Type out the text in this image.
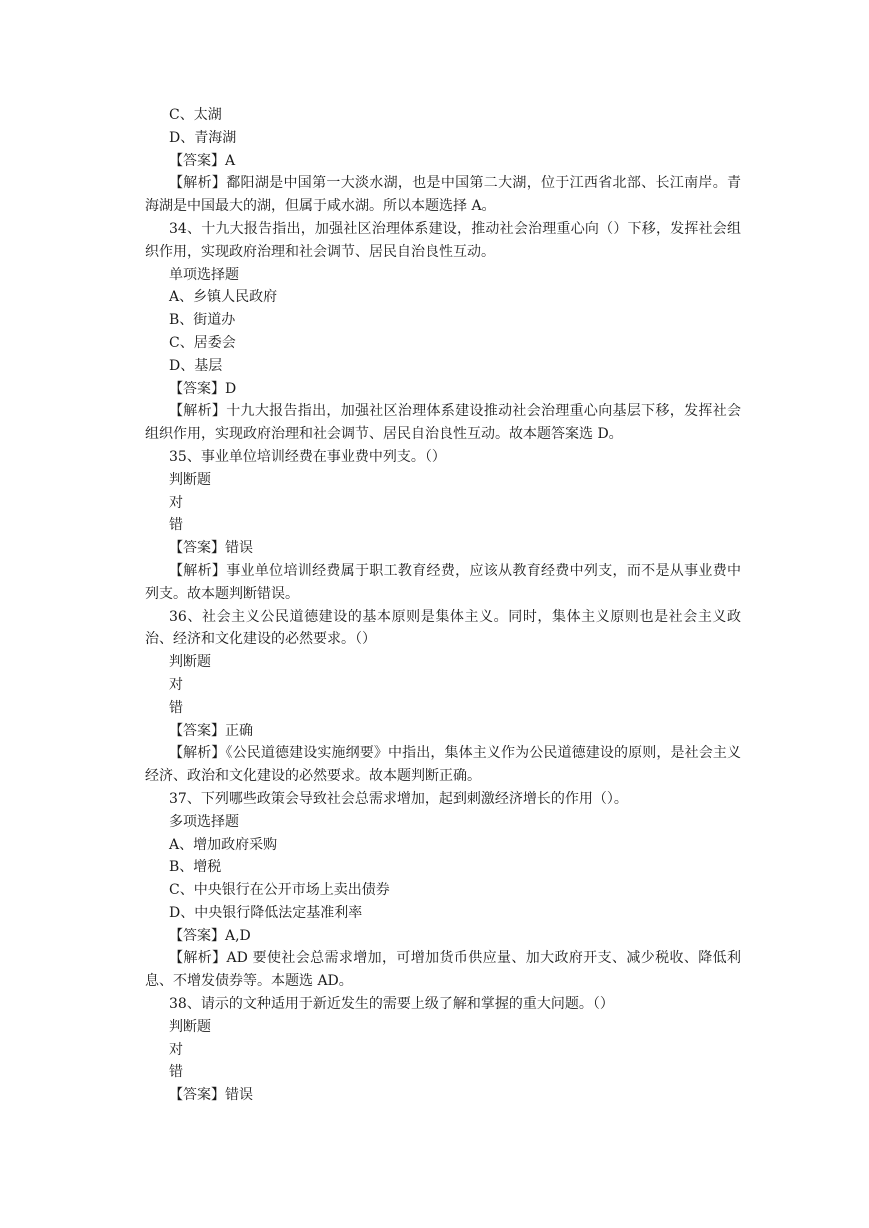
C、太湖
D、青海湖
【答案】A

【解析】鄱阳湖是中国第一大淡水湖，也是中国第二大湖，位于江西省北部、长江南岸。青海湖是中国最大的湖，但属于咸水湖。所以本题选择 A。

34、十九大报告指出，加强社区治理体系建设，推动社会治理重心向（）下移，发挥社会组织作用，实现政府治理和社会调节、居民自治良性互动。

单项选择题
A、乡镇人民政府
B、街道办
C、居委会
D、基层
【答案】D

【解析】十九大报告指出，加强社区治理体系建设推动社会治理重心向基层下移，发挥社会组织作用，实现政府治理和社会调节、居民自治良性互动。故本题答案选 D。

35、事业单位培训经费在事业费中列支。（）
判断题
对
错
【答案】错误

【解析】事业单位培训经费属于职工教育经费，应该从教育经费中列支，而不是从事业费中列支。故本题判断错误。

36、社会主义公民道德建设的基本原则是集体主义。同时，集体主义原则也是社会主义政治、经济和文化建设的必然要求。（）

判断题
对
错
【答案】正确

【解析】《公民道德建设实施纲要》中指出，集体主义作为公民道德建设的原则，是社会主义经济、政治和文化建设的必然要求。故本题判断正确。

37、下列哪些政策会导致社会总需求增加，起到刺激经济增长的作用（）。
多项选择题
A、增加政府采购
B、增税
C、中央银行在公开市场上卖出债券
D、中央银行降低法定基准利率
【答案】A,D

【解析】AD 要使社会总需求增加，可增加货币供应量、加大政府开支、减少税收、降低利息、不增发债券等。本题选 AD。

38、请示的文种适用于新近发生的需要上级了解和掌握的重大问题。（）
判断题
对
错
【答案】错误
